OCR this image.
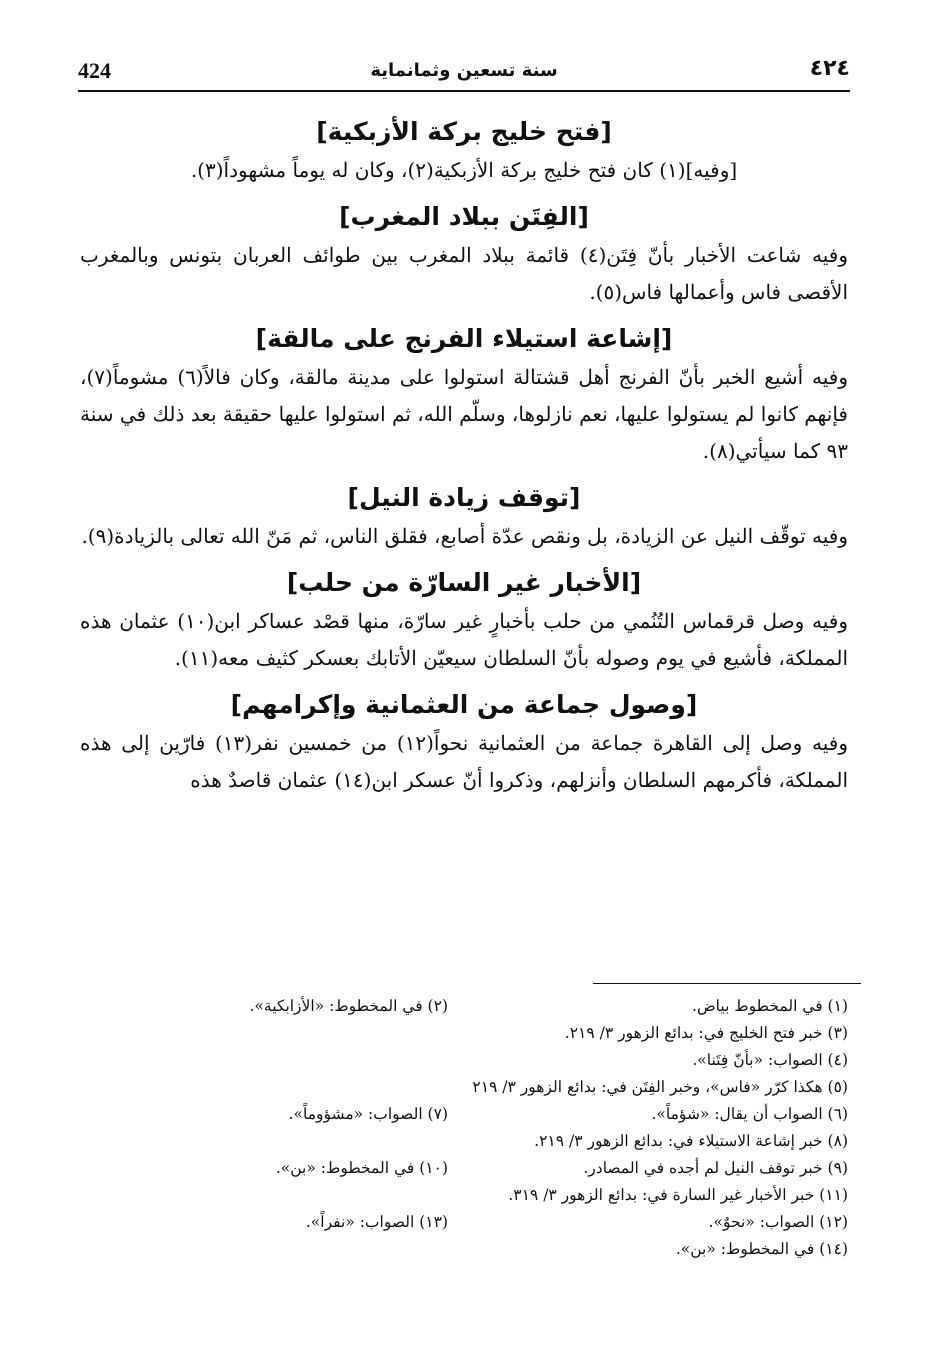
424	سنة تسعين وثمانماية	٤٢٤
[فتح خليج بركة الأزبكية]

[وفيه](١) كان فتح خليج بركة الأزبكية(٢)، وكان له يوماً مشهوداً(٣).

[الفِتَن ببلاد المغرب]

وفيه شاعت الأخبار بأنّ فِتَن(٤) قائمة ببلاد المغرب بين طوائف العربان بتونس وبالمغرب الأقصى فاس وأعمالها فاس(٥).

[إشاعة استيلاء الفرنج على مالقة]

وفيه أشيع الخبر بأنّ الفرنج أهل قشتالة استولوا على مدينة مالقة، وكان فالاً(٦) مشوماً(٧)، فإنهم كانوا لم يستولوا عليها، نعم نازلوها، وسلّم الله، ثم استولوا عليها حقيقة بعد ذلك في سنة ٩٣ كما سيأتي(٨).

[توقف زيادة النيل]

وفيه توقّف النيل عن الزيادة، بل ونقص عدّة أصابع، فقلق الناس، ثم مَنّ الله تعالى بالزيادة(٩).

[الأخبار غير السارّة من حلب]

وفيه وصل قرقماس التُنُمي من حلب بأخبارٍ غير سارّة، منها قصْد عساكر ابن(١٠) عثمان هذه المملكة، فأشيع في يوم وصوله بأنّ السلطان سيعيّن الأتابك بعسكر كثيف معه(١١).

[وصول جماعة من العثمانية وإكرامهم]

وفيه وصل إلى القاهرة جماعة من العثمانية نحواً(١٢) من خمسين نفر(١٣) فارّين إلى هذه المملكة، فأكرمهم السلطان وأنزلهم، وذكروا أنّ عسكر ابن(١٤) عثمان قاصدٌ هذه

(١) في المخطوط بياض.
(٢) في المخطوط: «الأزابكية».
(٣) خبر فتح الخليج في: بدائع الزهور ٣/ ٢١٩.
(٤) الصواب: «بأنّ فِتَنا».
(٥) هكذا كرّر «فاس»، وخبر الفِتَن في: بدائع الزهور ٣/ ٢١٩
(٦) الصواب أن يقال: «شؤماً».
(٧) الصواب: «مشؤوماً».
(٨) خبر إشاعة الاستيلاء في: بدائع الزهور ٣/ ٢١٩.
(٩) خبر توقف النيل لم أجده في المصادر.
(١٠) في المخطوط: «بن».
(١١) خبر الأخبار غير السارة في: بدائع الزهور ٣/ ٣١٩.
(١٢) الصواب: «نحوٌ».
(١٣) الصواب: «نفراً».
(١٤) في المخطوط: «بن».
